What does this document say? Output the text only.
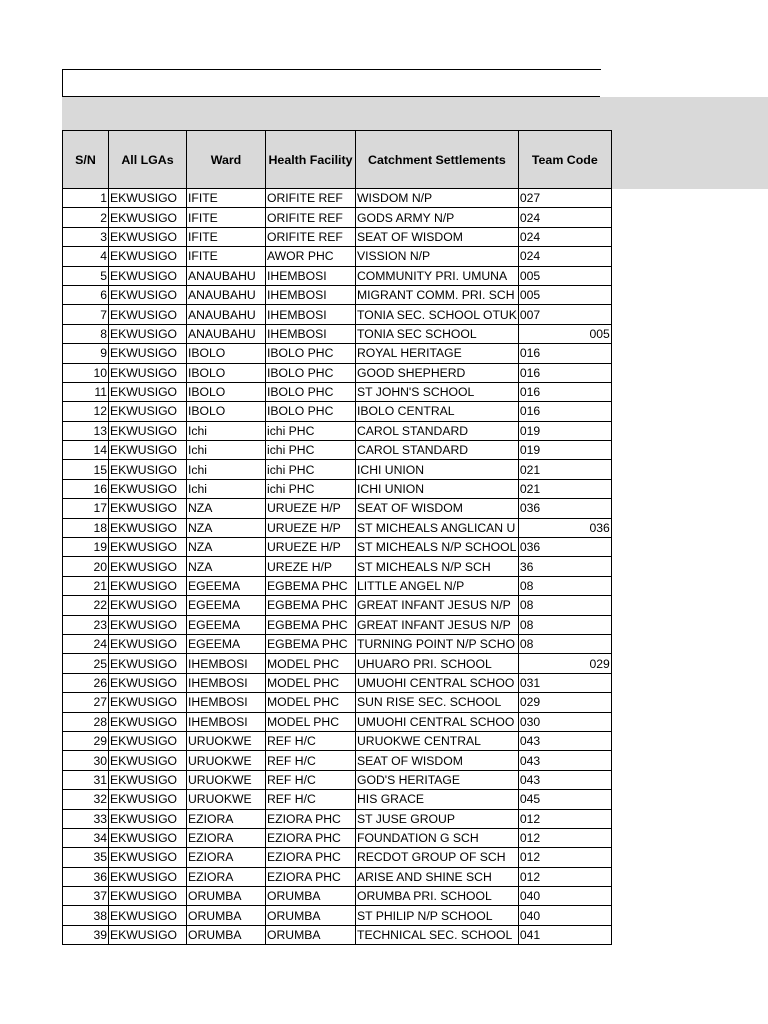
S/N	All LGAs	Ward	Health Facility	Catchment Settlements	Team Code
1	EKWUSIGO	IFITE	ORIFITE REF	WISDOM N/P	027
2	EKWUSIGO	IFITE	ORIFITE REF	GODS ARMY N/P	024
3	EKWUSIGO	IFITE	ORIFITE REF	SEAT OF WISDOM	024
4	EKWUSIGO	IFITE	AWOR PHC	VISSION N/P	024
5	EKWUSIGO	ANAUBAHU	IHEMBOSI	COMMUNITY PRI. UMUNA	005
6	EKWUSIGO	ANAUBAHU	IHEMBOSI	MIGRANT COMM. PRI. SCH	005
7	EKWUSIGO	ANAUBAHU	IHEMBOSI	TONIA SEC. SCHOOL OTUK	007
8	EKWUSIGO	ANAUBAHU	IHEMBOSI	TONIA SEC SCHOOL	005
9	EKWUSIGO	IBOLO	IBOLO PHC	ROYAL HERITAGE	016
10	EKWUSIGO	IBOLO	IBOLO PHC	GOOD SHEPHERD	016
11	EKWUSIGO	IBOLO	IBOLO PHC	ST JOHN'S SCHOOL	016
12	EKWUSIGO	IBOLO	IBOLO PHC	IBOLO CENTRAL	016
13	EKWUSIGO	Ichi	ichi PHC	CAROL STANDARD	019
14	EKWUSIGO	Ichi	ichi PHC	CAROL STANDARD	019
15	EKWUSIGO	Ichi	ichi PHC	ICHI UNION	021
16	EKWUSIGO	Ichi	ichi PHC	ICHI UNION	021
17	EKWUSIGO	NZA	URUEZE H/P	SEAT OF WISDOM	036
18	EKWUSIGO	NZA	URUEZE H/P	ST MICHEALS ANGLICAN U	036
19	EKWUSIGO	NZA	URUEZE H/P	ST MICHEALS N/P SCHOOL	036
20	EKWUSIGO	NZA	UREZE H/P	ST MICHEALS N/P SCH	36
21	EKWUSIGO	EGEEMA	EGBEMA PHC	LITTLE ANGEL N/P	08
22	EKWUSIGO	EGEEMA	EGBEMA PHC	GREAT INFANT JESUS N/P	08
23	EKWUSIGO	EGEEMA	EGBEMA PHC	GREAT INFANT JESUS N/P	08
24	EKWUSIGO	EGEEMA	EGBEMA PHC	TURNING POINT N/P SCHO	08
25	EKWUSIGO	IHEMBOSI	MODEL PHC	UHUARO PRI. SCHOOL	029
26	EKWUSIGO	IHEMBOSI	MODEL PHC	UMUOHI CENTRAL SCHOO	031
27	EKWUSIGO	IHEMBOSI	MODEL PHC	SUN RISE SEC. SCHOOL	029
28	EKWUSIGO	IHEMBOSI	MODEL PHC	UMUOHI CENTRAL SCHOO	030
29	EKWUSIGO	URUOKWE	REF H/C	URUOKWE CENTRAL	043
30	EKWUSIGO	URUOKWE	REF H/C	SEAT OF WISDOM	043
31	EKWUSIGO	URUOKWE	REF H/C	GOD'S HERITAGE	043
32	EKWUSIGO	URUOKWE	REF H/C	HIS GRACE	045
33	EKWUSIGO	EZIORA	EZIORA PHC	ST JUSE GROUP	012
34	EKWUSIGO	EZIORA	EZIORA PHC	FOUNDATION G SCH	012
35	EKWUSIGO	EZIORA	EZIORA PHC	RECDOT GROUP OF SCH	012
36	EKWUSIGO	EZIORA	EZIORA PHC	ARISE AND SHINE SCH	012
37	EKWUSIGO	ORUMBA	ORUMBA	ORUMBA PRI. SCHOOL	040
38	EKWUSIGO	ORUMBA	ORUMBA	ST PHILIP N/P SCHOOL	040
39	EKWUSIGO	ORUMBA	ORUMBA	TECHNICAL SEC. SCHOOL	041
